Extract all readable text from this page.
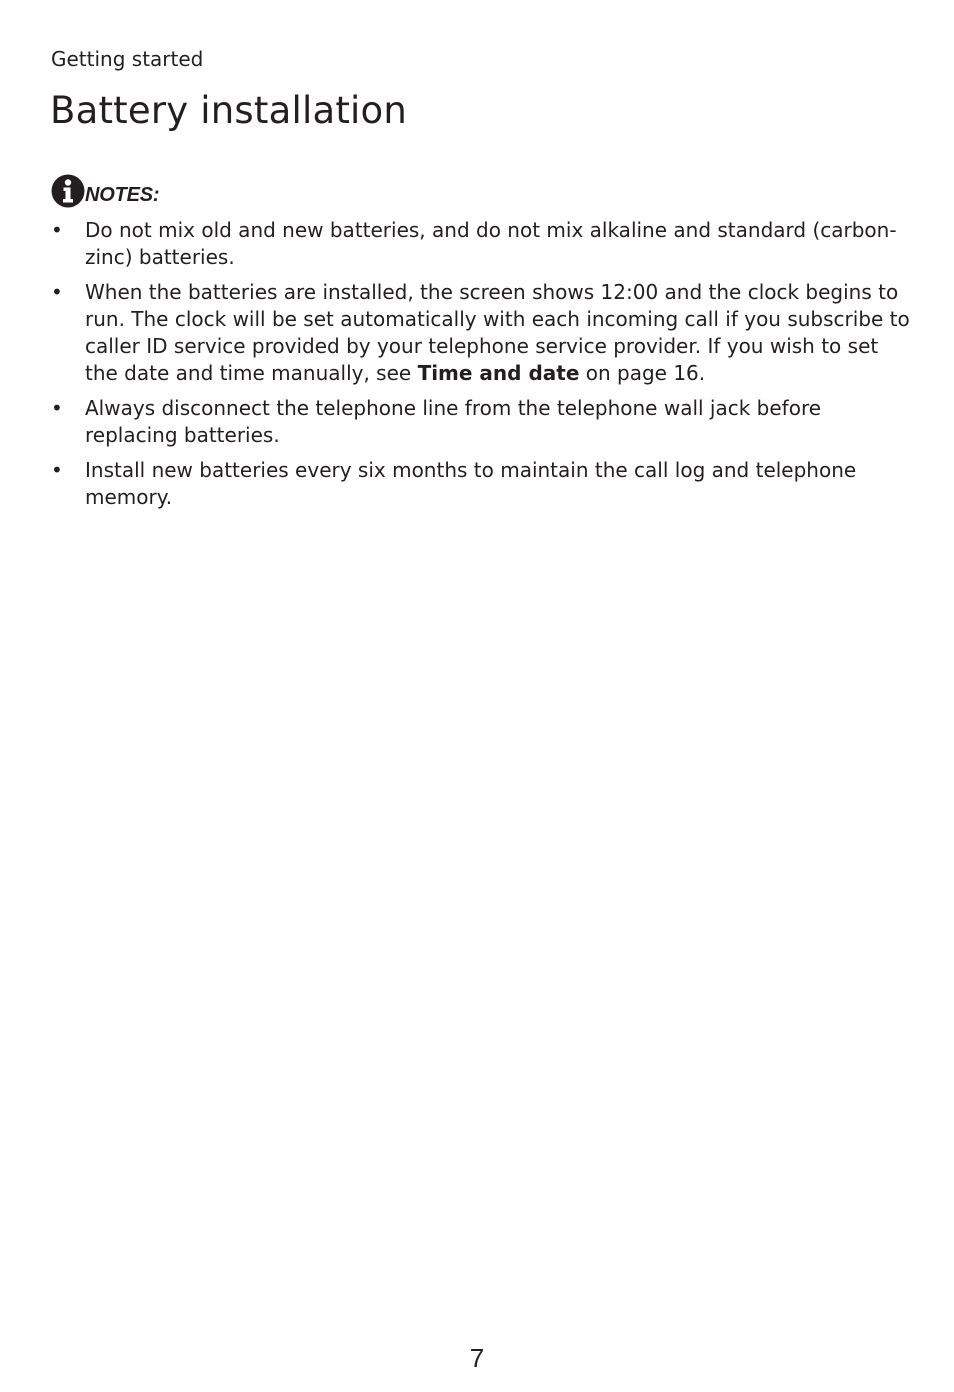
Getting started

Battery installation
NOTES:
• Do not mix old and new batteries, and do not mix alkaline and standard (carbon-zinc) batteries.
• When the batteries are installed, the screen shows 12:00 and the clock begins to run. The clock will be set automatically with each incoming call if you subscribe to caller ID service provided by your telephone service provider. If you wish to set the date and time manually, see Time and date on page 16.
• Always disconnect the telephone line from the telephone wall jack before replacing batteries.
• Install new batteries every six months to maintain the call log and telephone memory.

7
